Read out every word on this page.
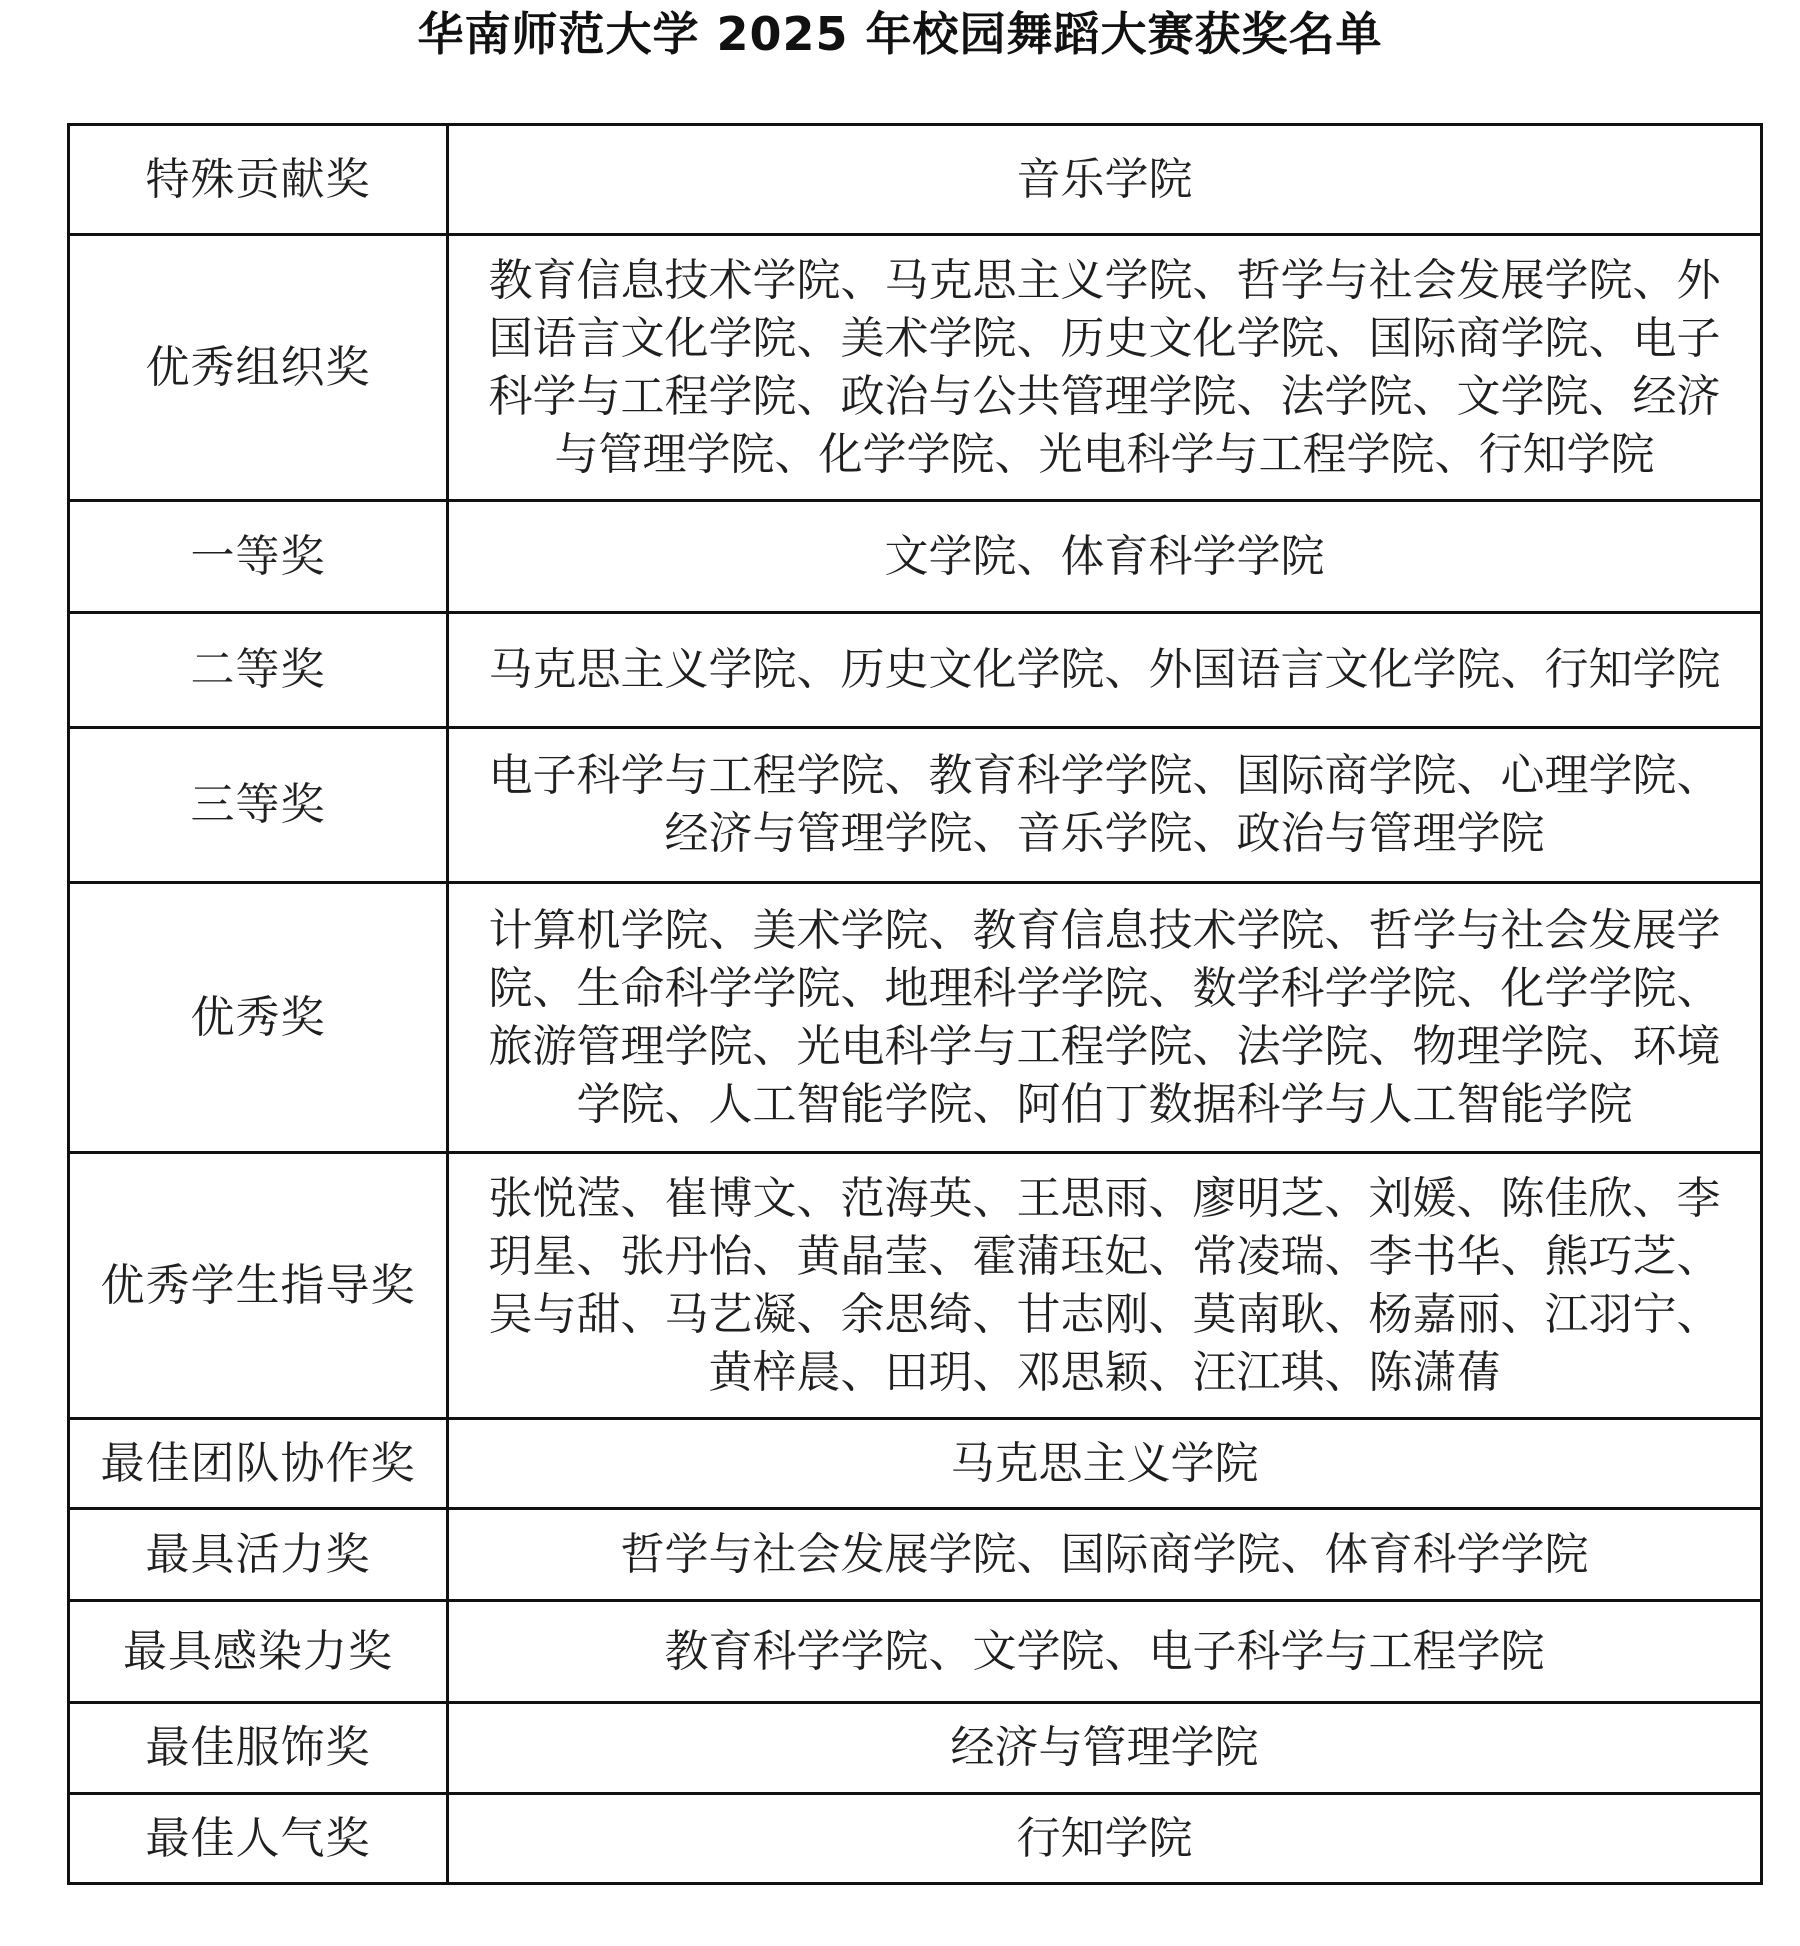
华南师范大学 2025 年校园舞蹈大赛获奖名单
特殊贡献奖	音乐学院
优秀组织奖	教育信息技术学院、马克思主义学院、哲学与社会发展学院、外国语言文化学院、美术学院、历史文化学院、国际商学院、电子科学与工程学院、政治与公共管理学院、法学院、文学院、经济与管理学院、化学学院、光电科学与工程学院、行知学院
一等奖	文学院、体育科学学院
二等奖	马克思主义学院、历史文化学院、外国语言文化学院、行知学院
三等奖	电子科学与工程学院、教育科学学院、国际商学院、心理学院、经济与管理学院、音乐学院、政治与管理学院
优秀奖	计算机学院、美术学院、教育信息技术学院、哲学与社会发展学院、生命科学学院、地理科学学院、数学科学学院、化学学院、旅游管理学院、光电科学与工程学院、法学院、物理学院、环境学院、人工智能学院、阿伯丁数据科学与人工智能学院
优秀学生指导奖	张悦滢、崔博文、范海英、王思雨、廖明芝、刘媛、陈佳欣、李玥星、张丹怡、黄晶莹、霍蒲珏妃、常凌瑞、李书华、熊巧芝、吴与甜、马艺凝、余思绮、甘志刚、莫南耿、杨嘉丽、江羽宁、黄梓晨、田玥、邓思颖、汪江琪、陈潇蒨
最佳团队协作奖	马克思主义学院
最具活力奖	哲学与社会发展学院、国际商学院、体育科学学院
最具感染力奖	教育科学学院、文学院、电子科学与工程学院
最佳服饰奖	经济与管理学院
最佳人气奖	行知学院
